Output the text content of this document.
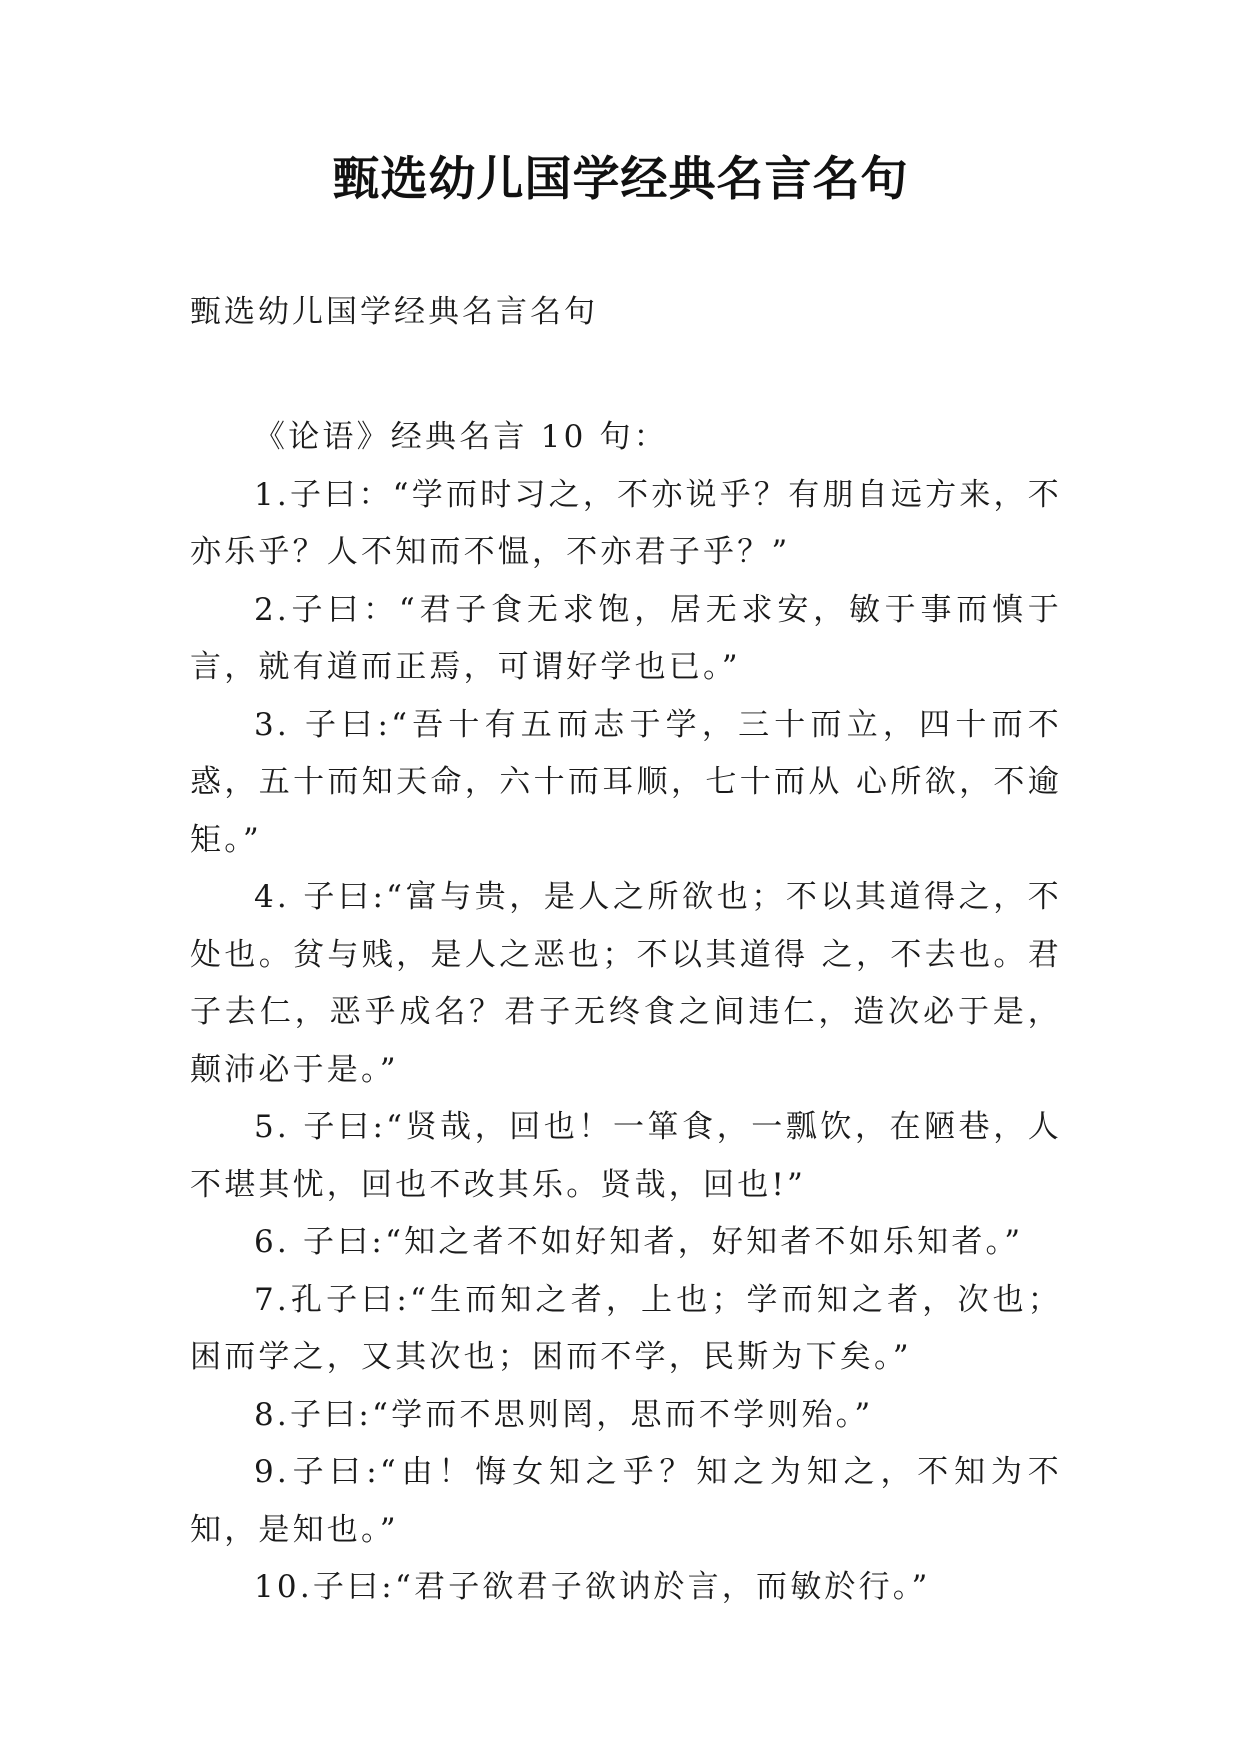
甄选幼儿国学经典名言名句
甄选幼儿国学经典名言名句

《论语》经典名言 10 句：

1.子曰：“学而时习之，不亦说乎？有朋自远方来，不亦乐乎？人不知而不愠，不亦君子乎？”

2.子曰：“君子食无求饱，居无求安，敏于事而慎于言，就有道而正焉，可谓好学也已。”

3. 子曰:“吾十有五而志于学，三十而立，四十而不惑，五十而知天命，六十而耳顺，七十而从 心所欲，不逾矩。”

4. 子曰:“富与贵，是人之所欲也；不以其道得之，不处也。贫与贱，是人之恶也；不以其道得 之，不去也。君子去仁，恶乎成名？君子无终食之间违仁，造次必于是，颠沛必于是。”

5. 子曰:“贤哉，回也！一箪食，一瓢饮，在陋巷，人不堪其忧，回也不改其乐。贤哉，回也!”

6. 子曰:“知之者不如好知者，好知者不如乐知者。”

7.孔子曰:“生而知之者，上也；学而知之者，次也；困而学之，又其次也；困而不学，民斯为下矣。”

8.子曰:“学而不思则罔，思而不学则殆。”

9.子曰:“由！悔女知之乎？知之为知之，不知为不知，是知也。”

10.子曰:“君子欲君子欲讷於言，而敏於行。”
